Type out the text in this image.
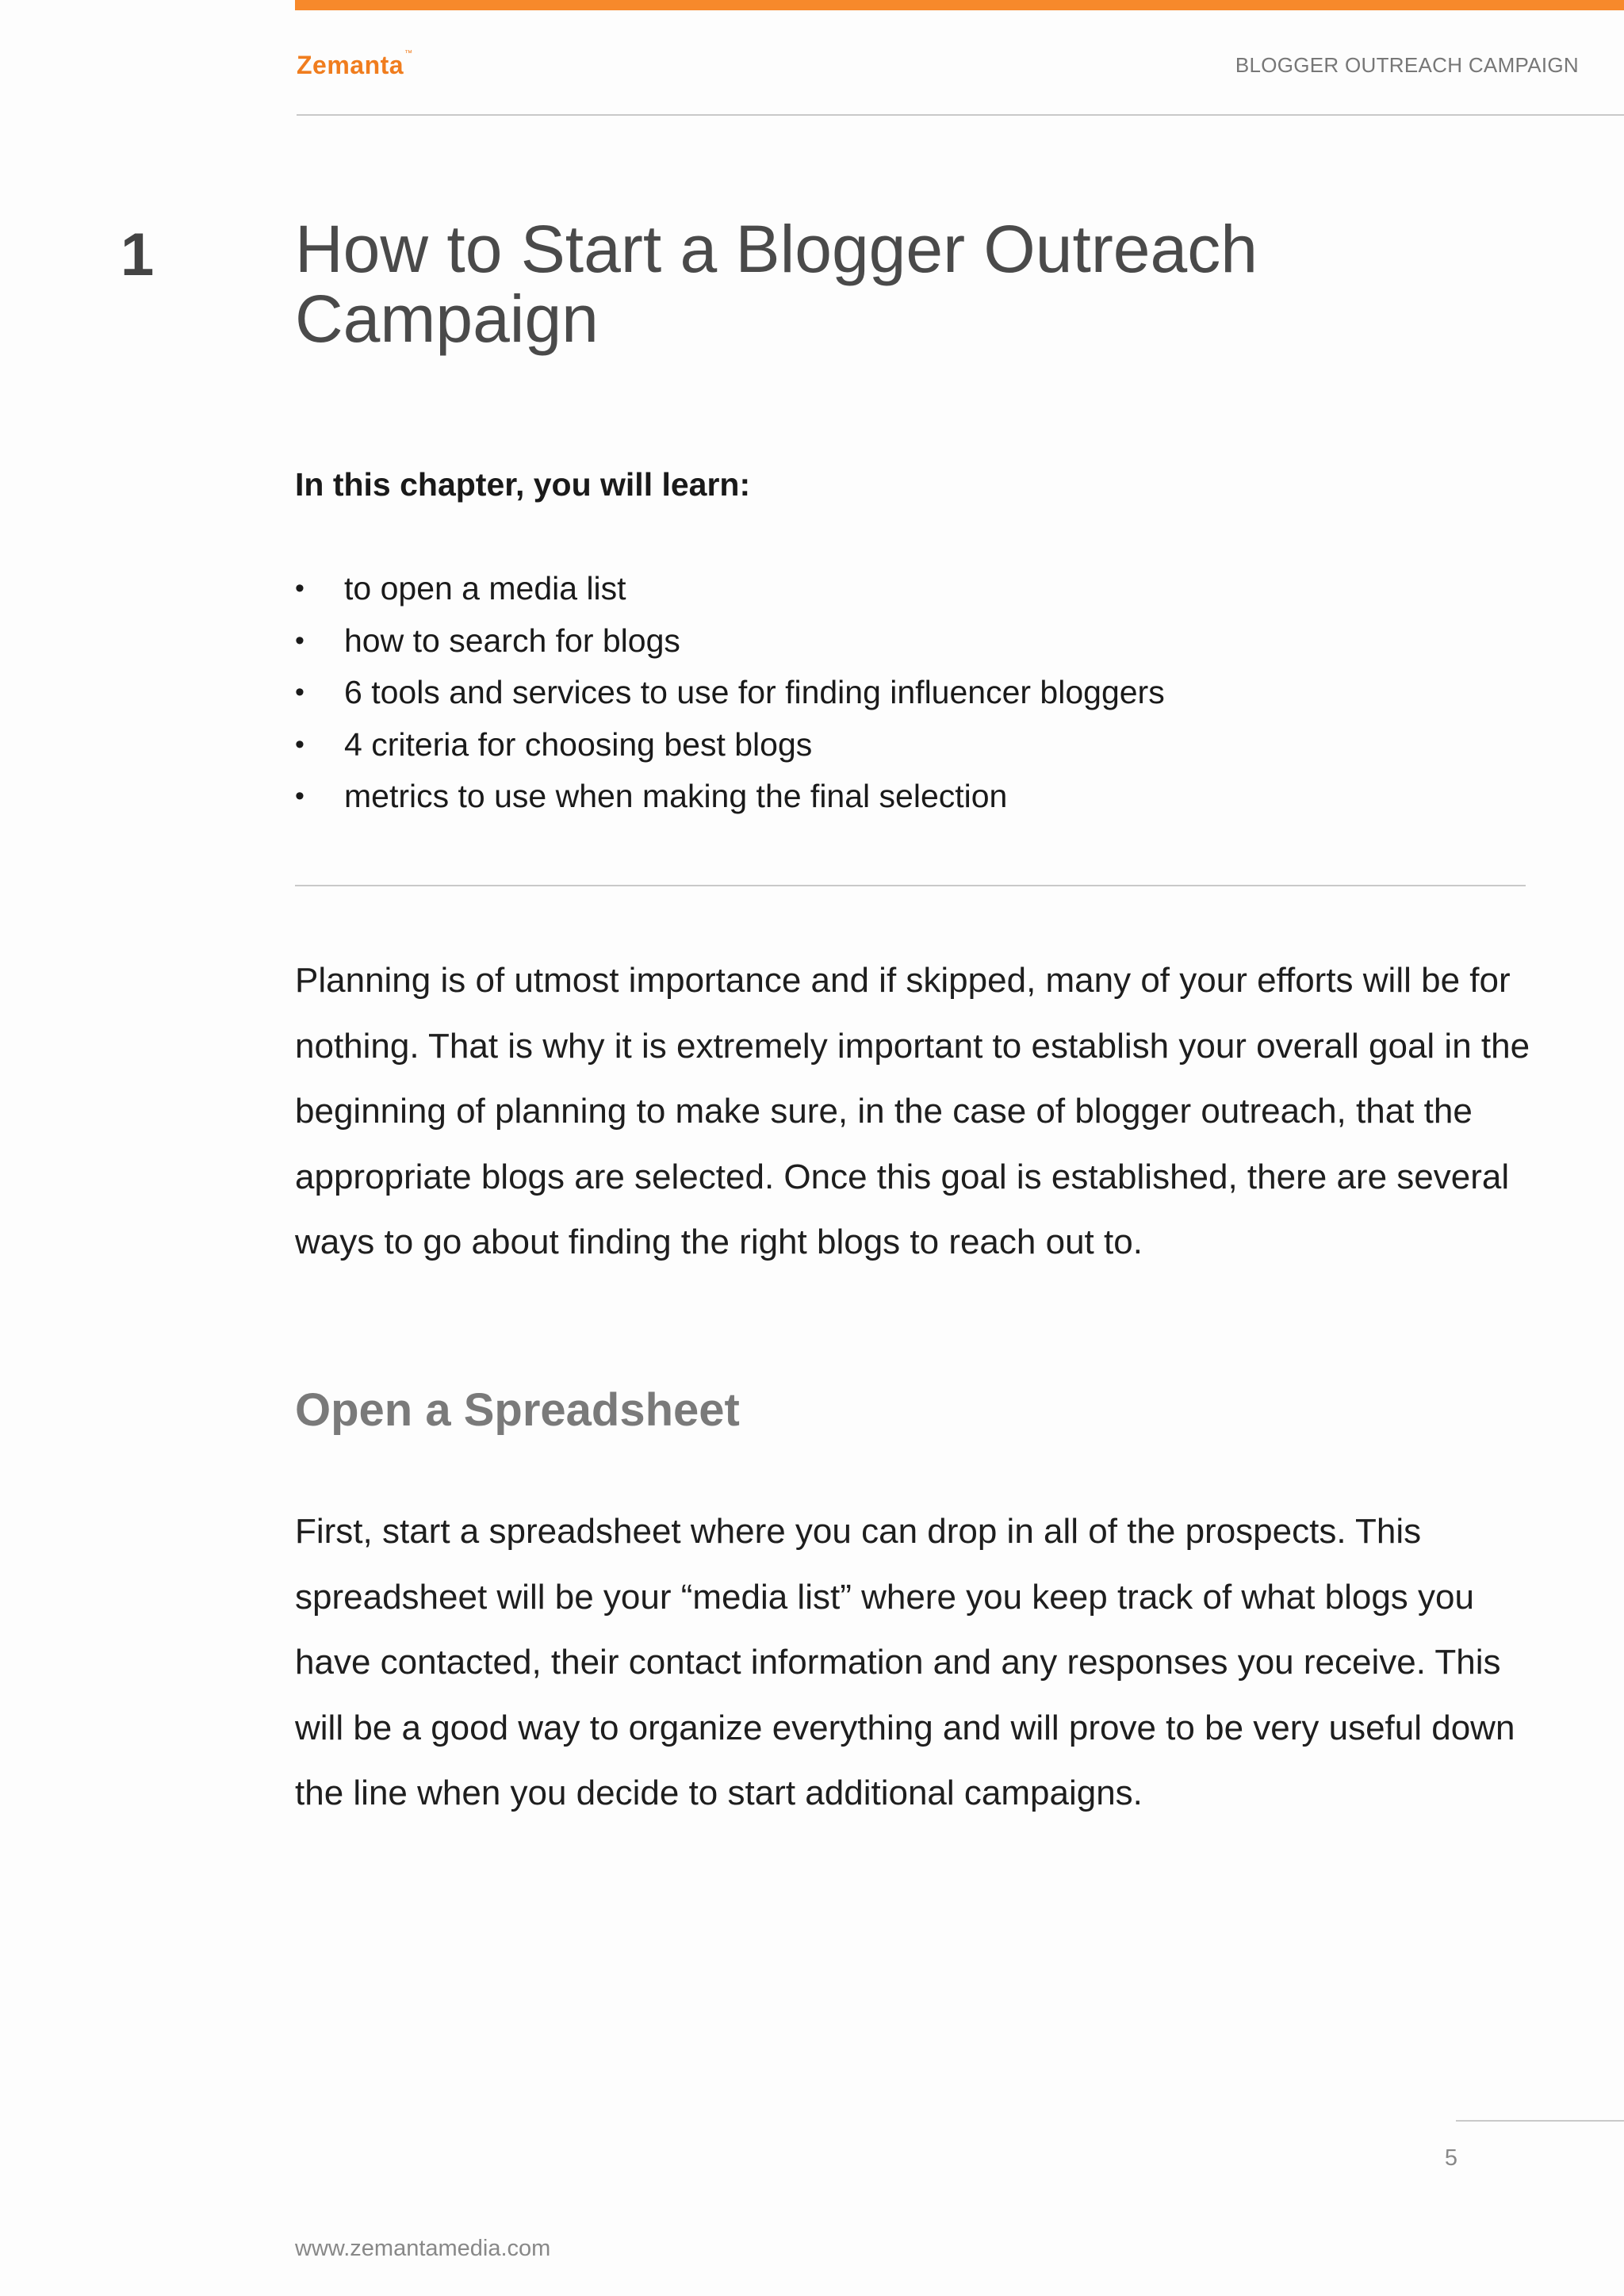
Zemanta™	BLOGGER OUTREACH CAMPAIGN
1 How to Start a Blogger Outreach Campaign
In this chapter, you will learn:
• to open a media list
• how to search for blogs
• 6 tools and services to use for finding influencer bloggers
• 4 criteria for choosing best blogs
• metrics to use when making the final selection

Planning is of utmost importance and if skipped, many of your efforts will be for nothing. That is why it is extremely important to establish your overall goal in the beginning of planning to make sure, in the case of blogger outreach, that the appropriate blogs are selected. Once this goal is established, there are several ways to go about finding the right blogs to reach out to.

Open a Spreadsheet

First, start a spreadsheet where you can drop in all of the prospects. This spreadsheet will be your “media list” where you keep track of what blogs you have contacted, their contact information and any responses you receive. This will be a good way to organize everything and will prove to be very useful down the line when you decide to start additional campaigns.

5
www.zemantamedia.com
